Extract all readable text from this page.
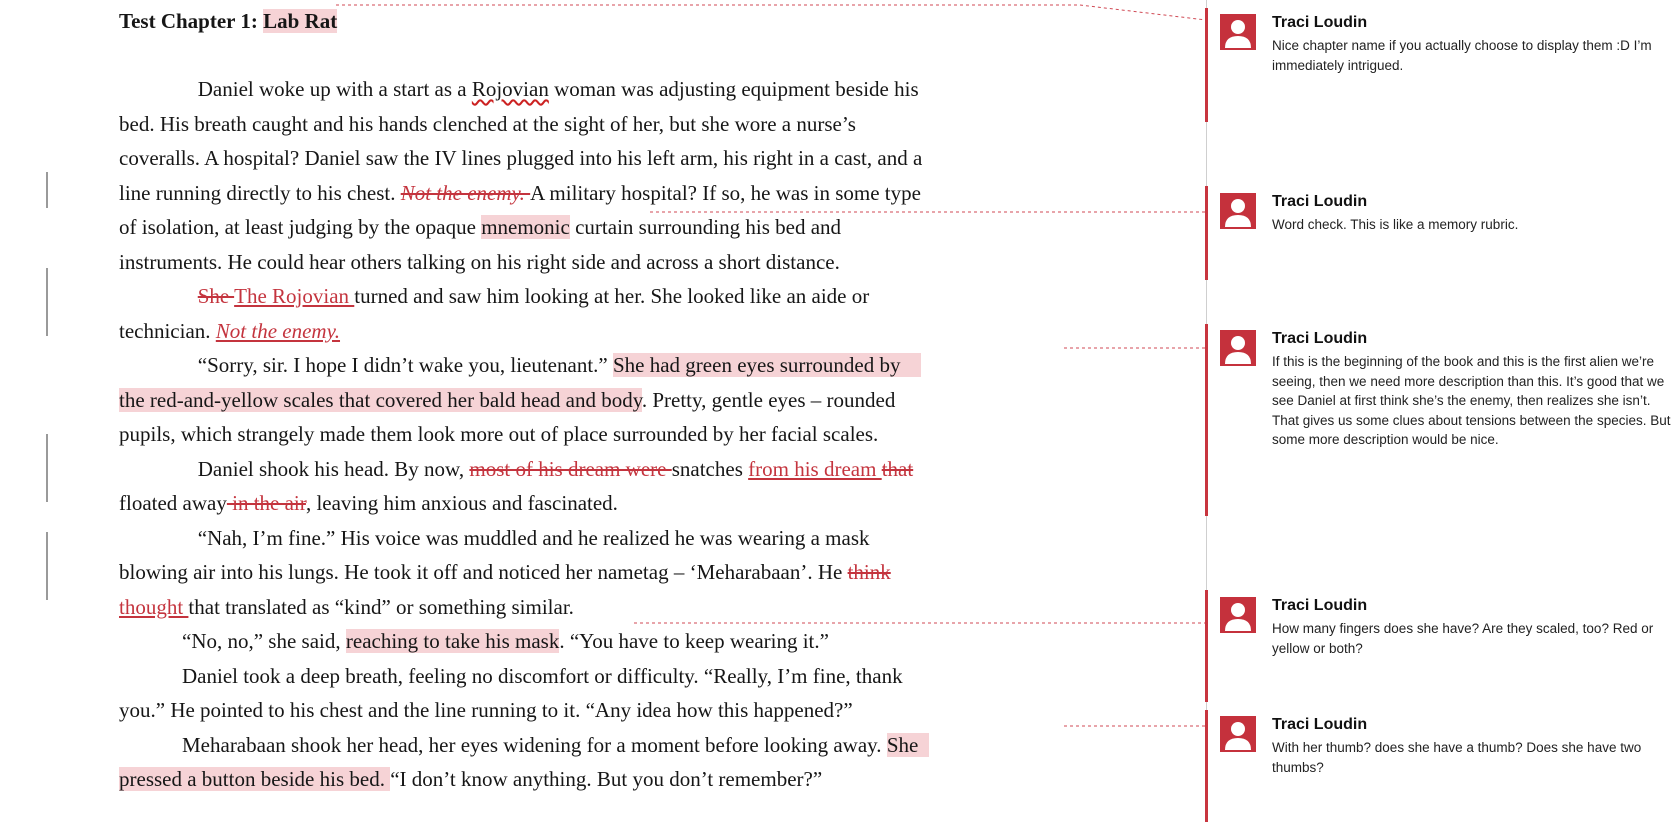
Test Chapter 1: Lab Rat
Daniel woke up with a start as a Rojovian woman was adjusting equipment beside his
bed. His breath caught and his hands clenched at the sight of her, but she wore a nurse’s
coveralls. A hospital? Daniel saw the IV lines plugged into his left arm, his right in a cast, and a
line running directly to his chest. Not the enemy. A military hospital? If so, he was in some type
of isolation, at least judging by the opaque mnemonic curtain surrounding his bed and
instruments. He could hear others talking on his right side and across a short distance.
She The Rojovian turned and saw him looking at her. She looked like an aide or
technician. Not the enemy.
“Sorry, sir. I hope I didn’t wake you, lieutenant.” She had green eyes surrounded by
the red-and-yellow scales that covered her bald head and body. Pretty, gentle eyes – rounded
pupils, which strangely made them look more out of place surrounded by her facial scales.
Daniel shook his head. By now, most of his dream were snatches from his dream that
floated away in the air, leaving him anxious and fascinated.
“Nah, I’m fine.” His voice was muddled and he realized he was wearing a mask
blowing air into his lungs. He took it off and noticed her nametag – ‘Meharabaan’. He think
thought that translated as “kind” or something similar.
“No, no,” she said, reaching to take his mask. “You have to keep wearing it.”
Daniel took a deep breath, feeling no discomfort or difficulty. “Really, I’m fine, thank
you.” He pointed to his chest and the line running to it. “Any idea how this happened?”
Meharabaan shook her head, her eyes widening for a moment before looking away. She
pressed a button beside his bed. “I don’t know anything. But you don’t remember?”
Traci Loudin
Nice chapter name if you actually choose to display them :D I’m immediately intrigued.
Traci Loudin
Word check. This is like a memory rubric.
Traci Loudin
If this is the beginning of the book and this is the first alien we’re seeing, then we need more description than this. It’s good that we see Daniel at first think she’s the enemy, then realizes she isn’t. That gives us some clues about tensions between the species. But some more description would be nice.
Traci Loudin
How many fingers does she have? Are they scaled, too? Red or yellow or both?
Traci Loudin
With her thumb? does she have a thumb? Does she have two thumbs?
